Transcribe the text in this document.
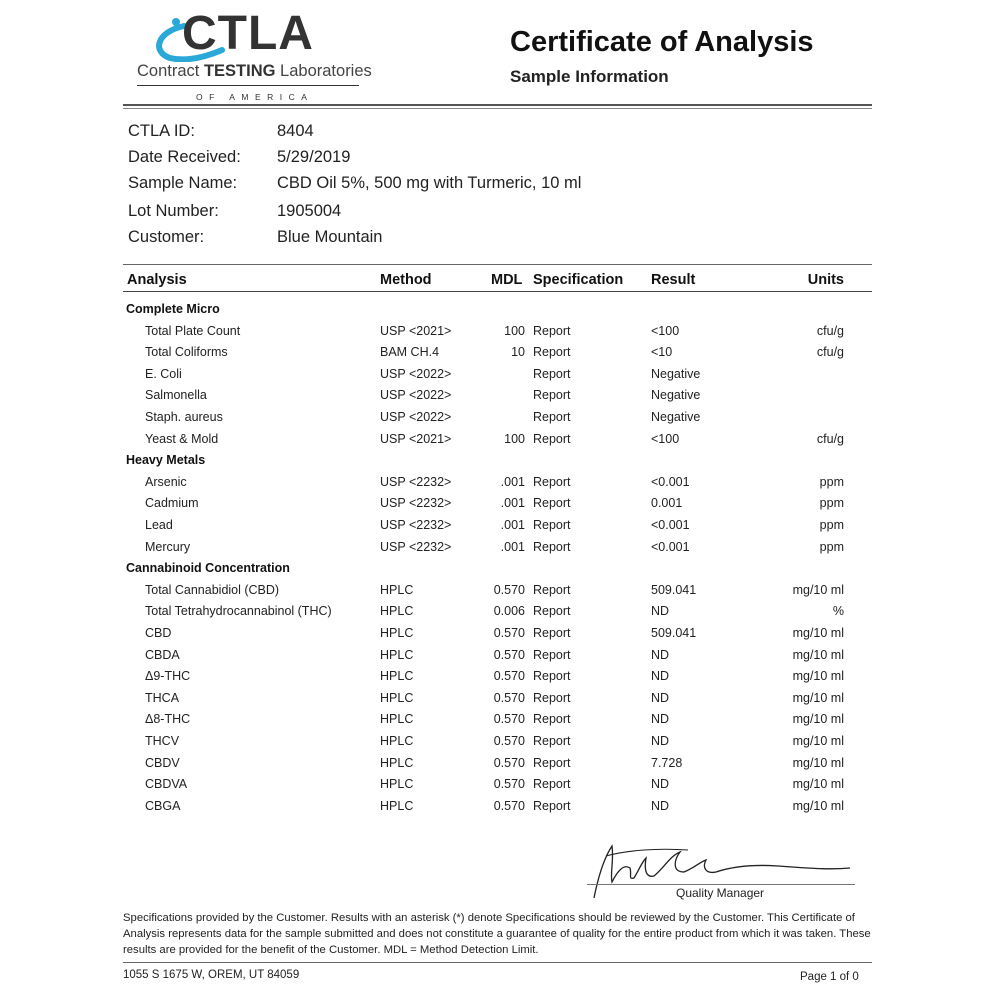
CTLA
Contract TESTING Laboratories
OF AMERICA
Certificate of Analysis
Sample Information
CTLA ID:	8404
Date Received: 5/29/2019
Sample Name: CBD Oil 5%, 500 mg with Turmeric, 10 ml
Lot Number:	1905004
Customer:	Blue Mountain
Analysis	Method	MDL Specification Result	Units
Complete Micro
Total Plate Count	USP <2021>	100 Report	<100	cfu/g
Total Coliforms	BAM CH.4	10 Report	<10	cfu/g
E. Coli	USP <2022>	Report	Negative
Salmonella	USP <2022>	Report	Negative
Staph. aureus	USP <2022>	Report	Negative
Yeast & Mold	USP <2021>	100 Report	<100	cfu/g
Heavy Metals
Arsenic	USP <2232>	.001 Report	<0.001	ppm
Cadmium	USP <2232>	.001 Report	0.001	ppm
Lead	USP <2232>	.001 Report	<0.001	ppm
Mercury	USP <2232>	.001 Report	<0.001	ppm
Cannabinoid Concentration
Total Cannabidiol (CBD)	HPLC	0.570 Report	509.041	mg/10 ml
Total Tetrahydrocannabinol (THC)	HPLC	0.006 Report	ND	%
CBD	HPLC	0.570 Report	509.041	mg/10 ml
CBDA	HPLC	0.570 Report	ND	mg/10 ml
Δ9-THC	HPLC	0.570 Report	ND	mg/10 ml
THCA	HPLC	0.570 Report	ND	mg/10 ml
Δ8-THC	HPLC	0.570 Report	ND	mg/10 ml
THCV	HPLC	0.570 Report	ND	mg/10 ml
CBDV	HPLC	0.570 Report	7.728	mg/10 ml
CBDVA	HPLC	0.570 Report	ND	mg/10 ml
CBGA	HPLC	0.570 Report	ND	mg/10 ml
Quality Manager
Specifications provided by the Customer. Results with an asterisk (*) denote Specifications should be reviewed by the Customer. This Certificate of Analysis represents data for the sample submitted and does not constitute a guarantee of quality for the entire product from which it was taken. These results are provided for the benefit of the Customer. MDL = Method Detection Limit.
1055 S 1675 W, OREM, UT 84059	Page 1 of 0
